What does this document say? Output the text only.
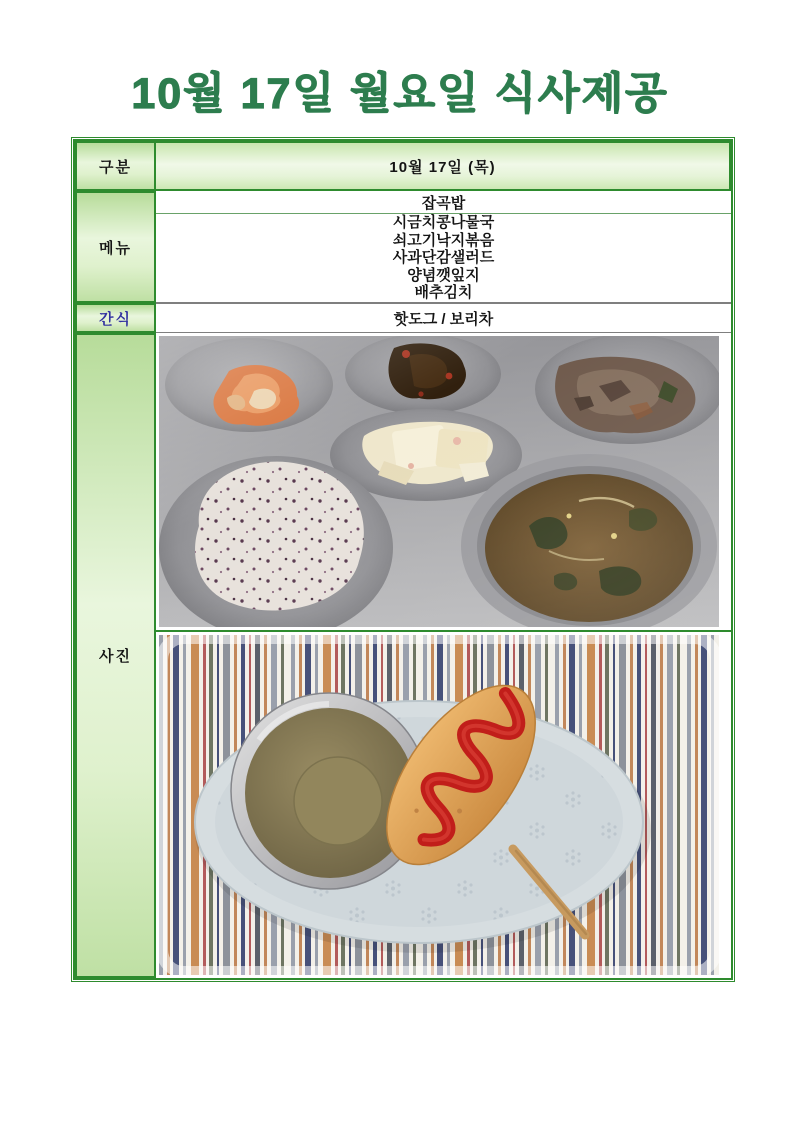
10월 17일 월요일 식사제공
구분	10월 17일 (목)
메뉴
잡곡밥
시금치콩나물국
쇠고기낙지볶음
사과단감샐러드
양념깻잎지
배추김치
간식	핫도그 / 보리차
사진
